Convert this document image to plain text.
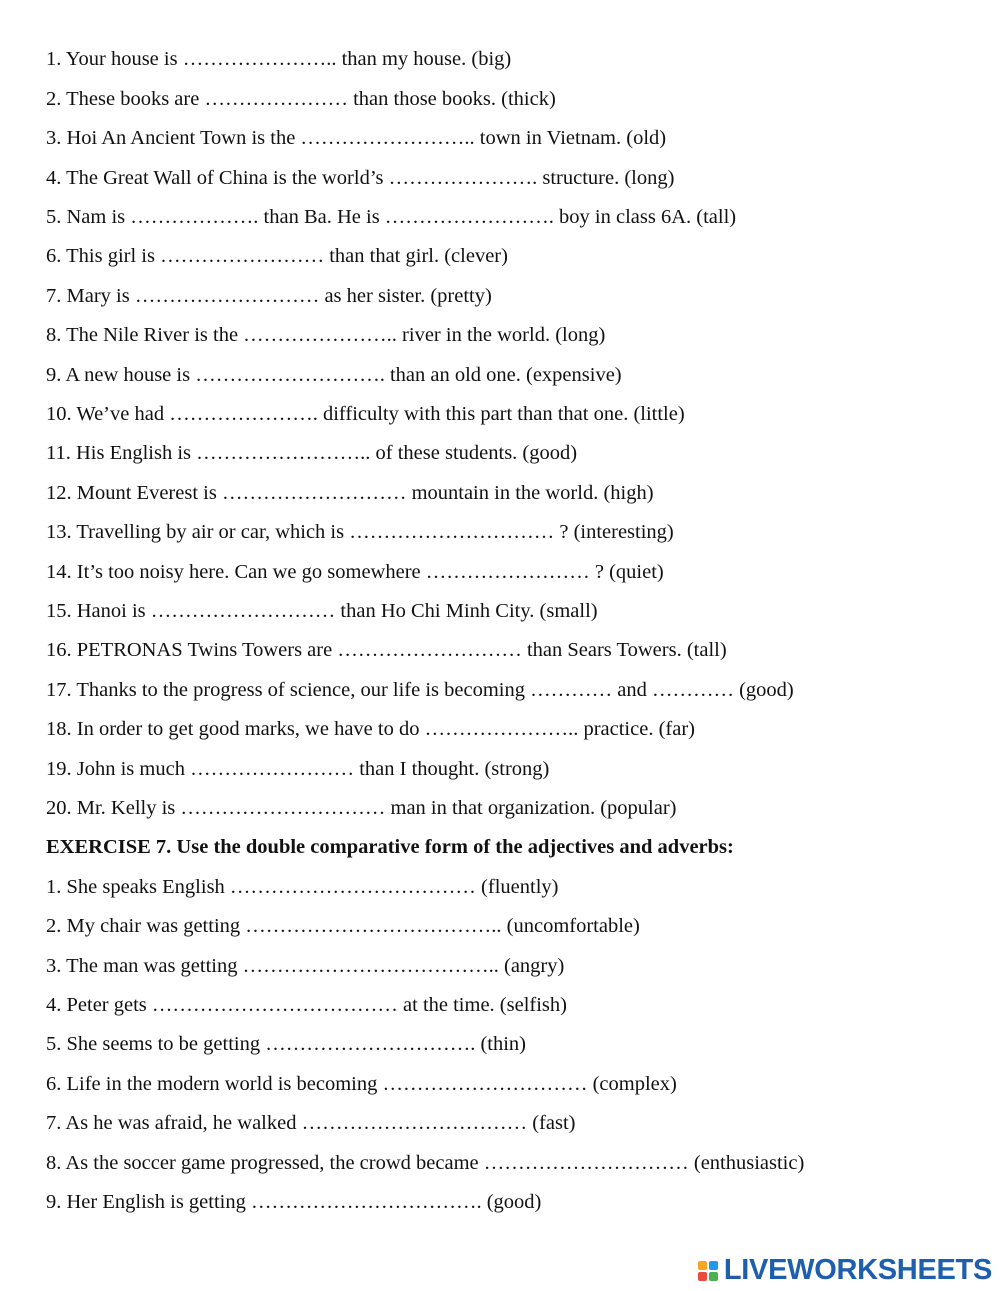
1. Your house is ………………….. than my house. (big)
2. These books are ………………… than those books. (thick)
3. Hoi An Ancient Town is the …………………….. town in Vietnam. (old)
4. The Great Wall of China is the world’s …………………. structure. (long)
5. Nam is ………………. than Ba. He is ……………………. boy in class 6A. (tall)
6. This girl is …………………… than that girl. (clever)
7. Mary is ……………………… as her sister. (pretty)
8. The Nile River is the ………………….. river in the world. (long)
9. A new house is ………………………. than an old one. (expensive)
10. We’ve had …………………. difficulty with this part than that one. (little)
11. His English is …………………….. of these students. (good)
12. Mount Everest is ……………………… mountain in the world. (high)
13. Travelling by air or car, which is ………………………… ? (interesting)
14. It’s too noisy here. Can we go somewhere …………………… ? (quiet)
15. Hanoi is ……………………… than Ho Chi Minh City. (small)
16. PETRONAS Twins Towers are ……………………… than Sears Towers. (tall)
17. Thanks to the progress of science, our life is becoming ………… and ………… (good)
18. In order to get good marks, we have to do ………………….. practice. (far)
19. John is much …………………… than I thought. (strong)
20. Mr. Kelly is ………………………… man in that organization. (popular)
EXERCISE 7. Use the double comparative form of the adjectives and adverbs:
1. She speaks English ……………………………… (fluently)
2. My chair was getting ……………………………….. (uncomfortable)
3. The man was getting ……………………………….. (angry)
4. Peter gets ……………………………… at the time. (selfish)
5. She seems to be getting …………………………. (thin)
6. Life in the modern world is becoming ………………………… (complex)
7. As he was afraid, he walked …………………………… (fast)
8. As the soccer game progressed, the crowd became ………………………… (enthusiastic)
9. Her English is getting ……………………………. (good)
LIVEWORKSHEETS
